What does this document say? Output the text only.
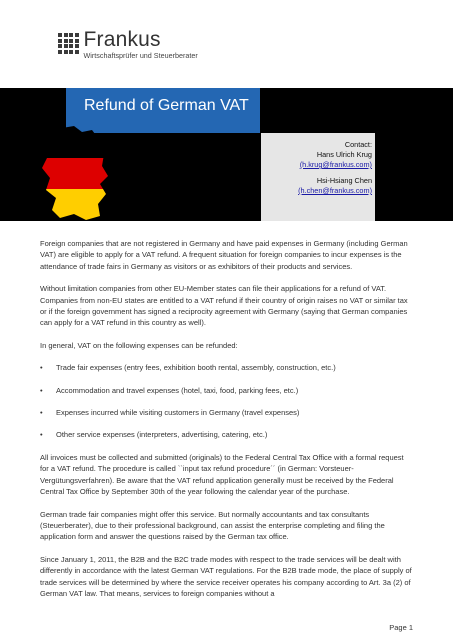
Frankus
Wirtschaftsprüfer und Steuerberater
Refund of German VAT
Contact:
Hans Ulrich Krug
(h.krug@frankus.com)
Hsi-Hsiang Chen
(h.chen@frankus.com)

Foreign companies that are not registered in Germany and have paid expenses in Germany (including German VAT) are eligible to apply for a VAT refund. A frequent situation for foreign companies to incur expenses is the attendance of trade fairs in Germany as visitors or as exhibitors of their products and services.

Without limitation companies from other EU-Member states can file their applications for a refund of VAT. Companies from non-EU states are entitled to a VAT refund if their country of origin raises no VAT or similar tax or if the foreign government has signed a reciprocity agreement with Germany (saying that German companies can apply for a VAT refund in this country as well).

In general, VAT on the following expenses can be refunded:

• Trade fair expenses (entry fees, exhibition booth rental, assembly, construction, etc.)
• Accommodation and travel expenses (hotel, taxi, food, parking fees, etc.)
• Expenses incurred while visiting customers in Germany (travel expenses)
• Other service expenses (interpreters, advertising, catering, etc.)

All invoices must be collected and submitted (originals) to the Federal Central Tax Office with a formal request for a VAT refund. The procedure is called ``input tax refund procedure´´ (in German: Vorsteuer-Vergütungsverfahren). Be aware that the VAT refund application generally must be received by the Federal Central Tax Office by September 30th of the year following the calendar year of the purchase.

German trade fair companies might offer this service. But normally accountants and tax consultants (Steuerberater), due to their professional background, can assist the enterprise completing and filing the application form and answer the questions raised by the German tax office.

Since January 1, 2011, the B2B and the B2C trade modes with respect to the trade services will be dealt with differently in accordance with the latest German VAT regulations. For the B2B trade mode, the place of supply of trade services will be determined by where the service receiver operates his company according to Art. 3a (2) of German VAT law. That means, services to foreign companies without a

Page 1
